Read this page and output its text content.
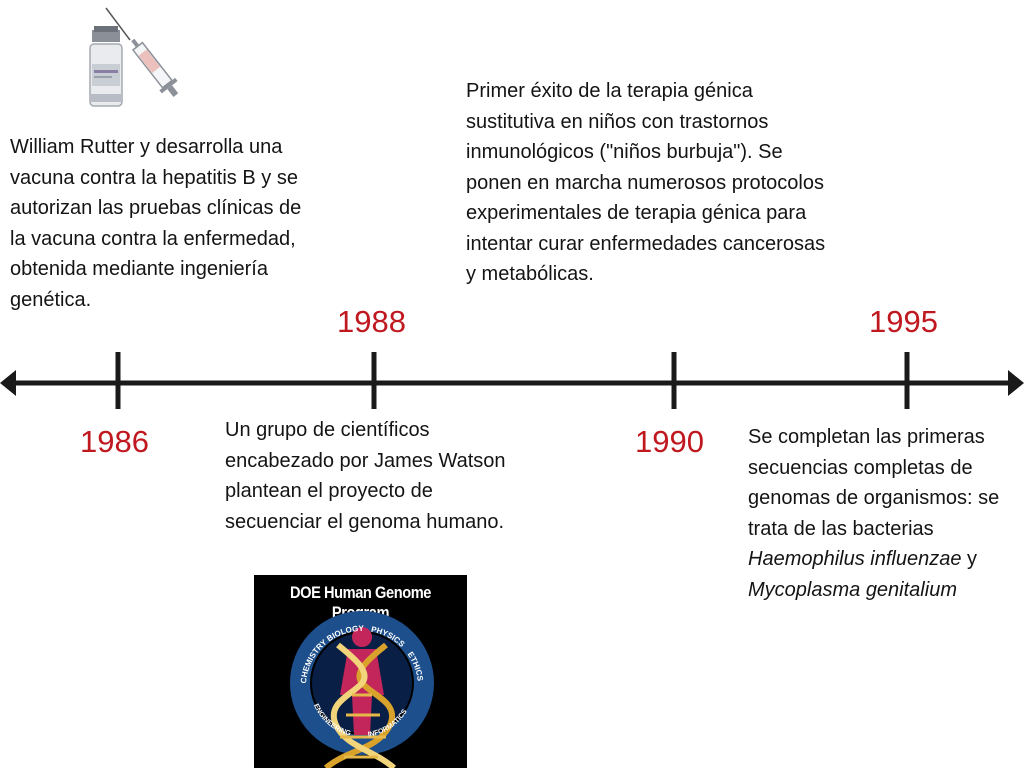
William Rutter y desarrolla una vacuna contra la hepatitis B y se autorizan las pruebas clínicas de la vacuna contra la enfermedad, obtenida mediante ingeniería genética.

1986
1988

Un grupo de científicos encabezado por James Watson plantean el proyecto de secuenciar el genoma humano.

Primer éxito de la terapia génica sustitutiva en niños con trastornos inmunológicos ("niños burbuja"). Se ponen en marcha numerosos protocolos experimentales de terapia génica para intentar curar enfermedades cancerosas y metabólicas.

1990
1995

Se completan las primeras secuencias completas de genomas de organismos: se trata de las bacterias Haemophilus influenzae y Mycoplasma genitalium

DOE Human Genome Program
CHEMISTRY
BIOLOGY PHYSICS
ETHICS
ENGINEERING INFORMATICS
